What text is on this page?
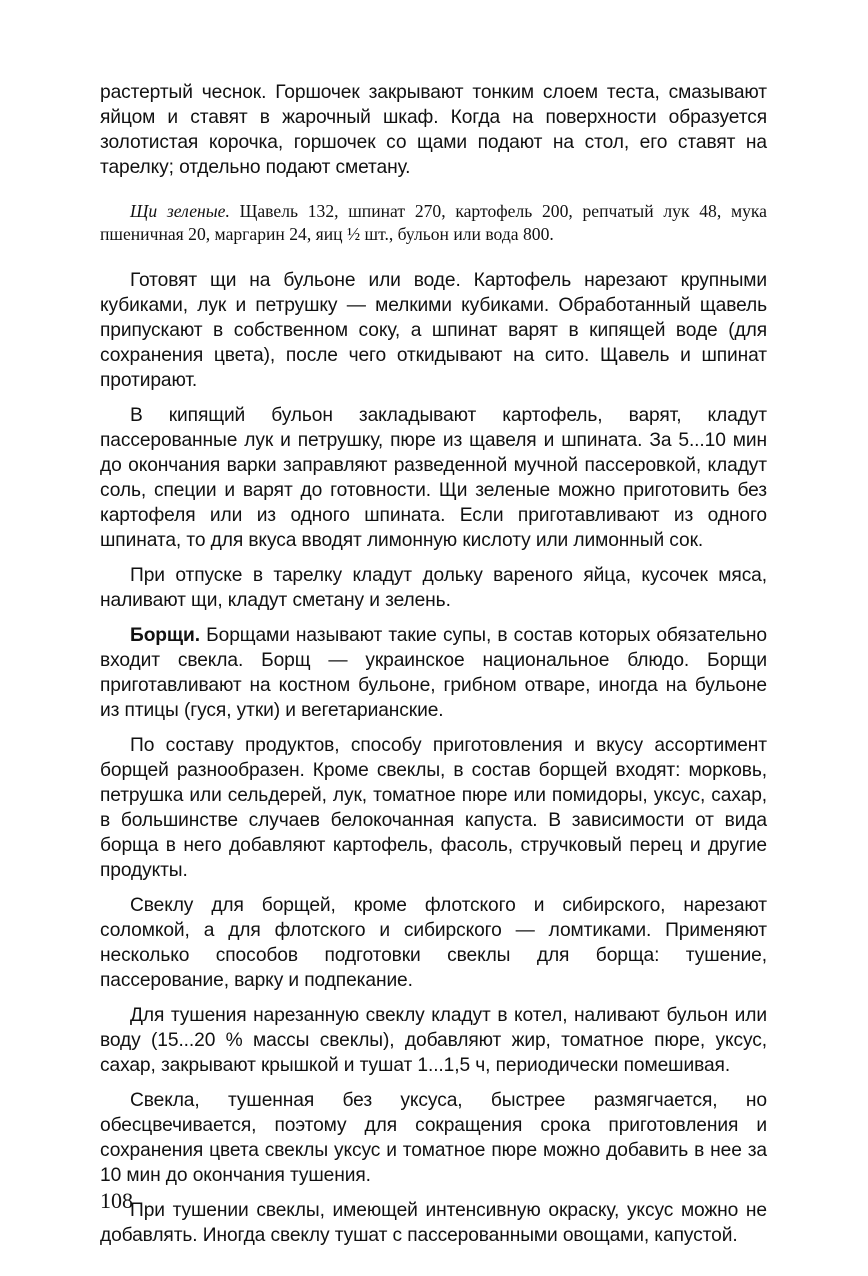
растертый чеснок. Горшочек закрывают тонким слоем теста, смазывают яйцом и ставят в жарочный шкаф. Когда на поверхности образуется золотистая корочка, горшочек со щами подают на стол, его ставят на тарелку; отдельно подают сметану.

Щи зеленые. Щавель 132, шпинат 270, картофель 200, репчатый лук 48, мука пшеничная 20, маргарин 24, яиц ½ шт., бульон или вода 800.

Готовят щи на бульоне или воде. Картофель нарезают крупными кубиками, лук и петрушку — мелкими кубиками. Обработанный щавель припускают в собственном соку, а шпинат варят в кипящей воде (для сохранения цвета), после чего откидывают на сито. Щавель и шпинат протирают.

В кипящий бульон закладывают картофель, варят, кладут пассерованные лук и петрушку, пюре из щавеля и шпината. За 5...10 мин до окончания варки заправляют разведенной мучной пассеровкой, кладут соль, специи и варят до готовности. Щи зеленые можно приготовить без картофеля или из одного шпината. Если приготавливают из одного шпината, то для вкуса вводят лимонную кислоту или лимонный сок.

При отпуске в тарелку кладут дольку вареного яйца, кусочек мяса, наливают щи, кладут сметану и зелень.

Борщи. Борщами называют такие супы, в состав которых обязательно входит свекла. Борщ — украинское национальное блюдо. Борщи приготавливают на костном бульоне, грибном отваре, иногда на бульоне из птицы (гуся, утки) и вегетарианские.

По составу продуктов, способу приготовления и вкусу ассортимент борщей разнообразен. Кроме свеклы, в состав борщей входят: морковь, петрушка или сельдерей, лук, томатное пюре или помидоры, уксус, сахар, в большинстве случаев белокочанная капуста. В зависимости от вида борща в него добавляют картофель, фасоль, стручковый перец и другие продукты.

Свеклу для борщей, кроме флотского и сибирского, нарезают соломкой, а для флотского и сибирского — ломтиками. Применяют несколько способов подготовки свеклы для борща: тушение, пассерование, варку и подпекание.

Для тушения нарезанную свеклу кладут в котел, наливают бульон или воду (15...20 % массы свеклы), добавляют жир, томатное пюре, уксус, сахар, закрывают крышкой и тушат 1...1,5 ч, периодически помешивая.

Свекла, тушенная без уксуса, быстрее размягчается, но обесцвечивается, поэтому для сокращения срока приготовления и сохранения цвета свеклы уксус и томатное пюре можно добавить в нее за 10 мин до окончания тушения.

При тушении свеклы, имеющей интенсивную окраску, уксус можно не добавлять. Иногда свеклу тушат с пассерованными овощами, капустой.

108
